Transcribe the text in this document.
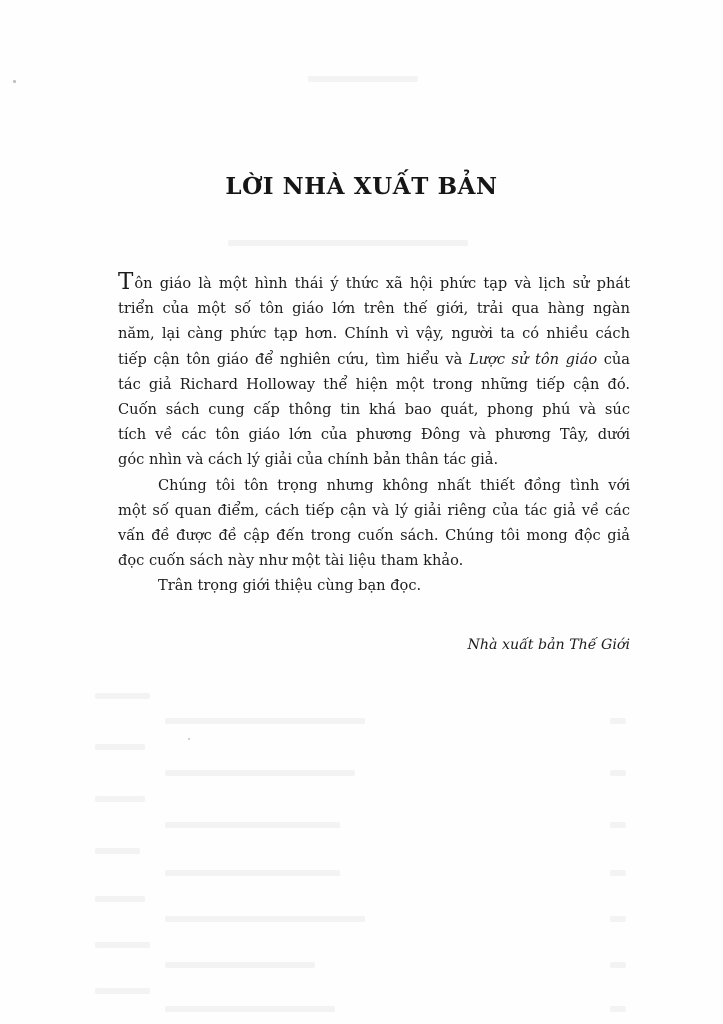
LỜI NHÀ XUẤT BẢN
Tôn giáo là một hình thái ý thức xã hội phức tạp và lịch sử phát
triển của một số tôn giáo lớn trên thế giới, trải qua hàng ngàn
năm, lại càng phức tạp hơn. Chính vì vậy, người ta có nhiều cách
tiếp cận tôn giáo để nghiên cứu, tìm hiểu và Lược sử tôn giáo của
tác giả Richard Holloway thể hiện một trong những tiếp cận đó.
Cuốn sách cung cấp thông tin khá bao quát, phong phú và súc
tích về các tôn giáo lớn của phương Đông và phương Tây, dưới
góc nhìn và cách lý giải của chính bản thân tác giả.
Chúng tôi tôn trọng nhưng không nhất thiết đồng tình với
một số quan điểm, cách tiếp cận và lý giải riêng của tác giả về các
vấn đề được đề cập đến trong cuốn sách. Chúng tôi mong độc giả
đọc cuốn sách này như một tài liệu tham khảo.
Trân trọng giới thiệu cùng bạn đọc.
Nhà xuất bản Thế Giới
